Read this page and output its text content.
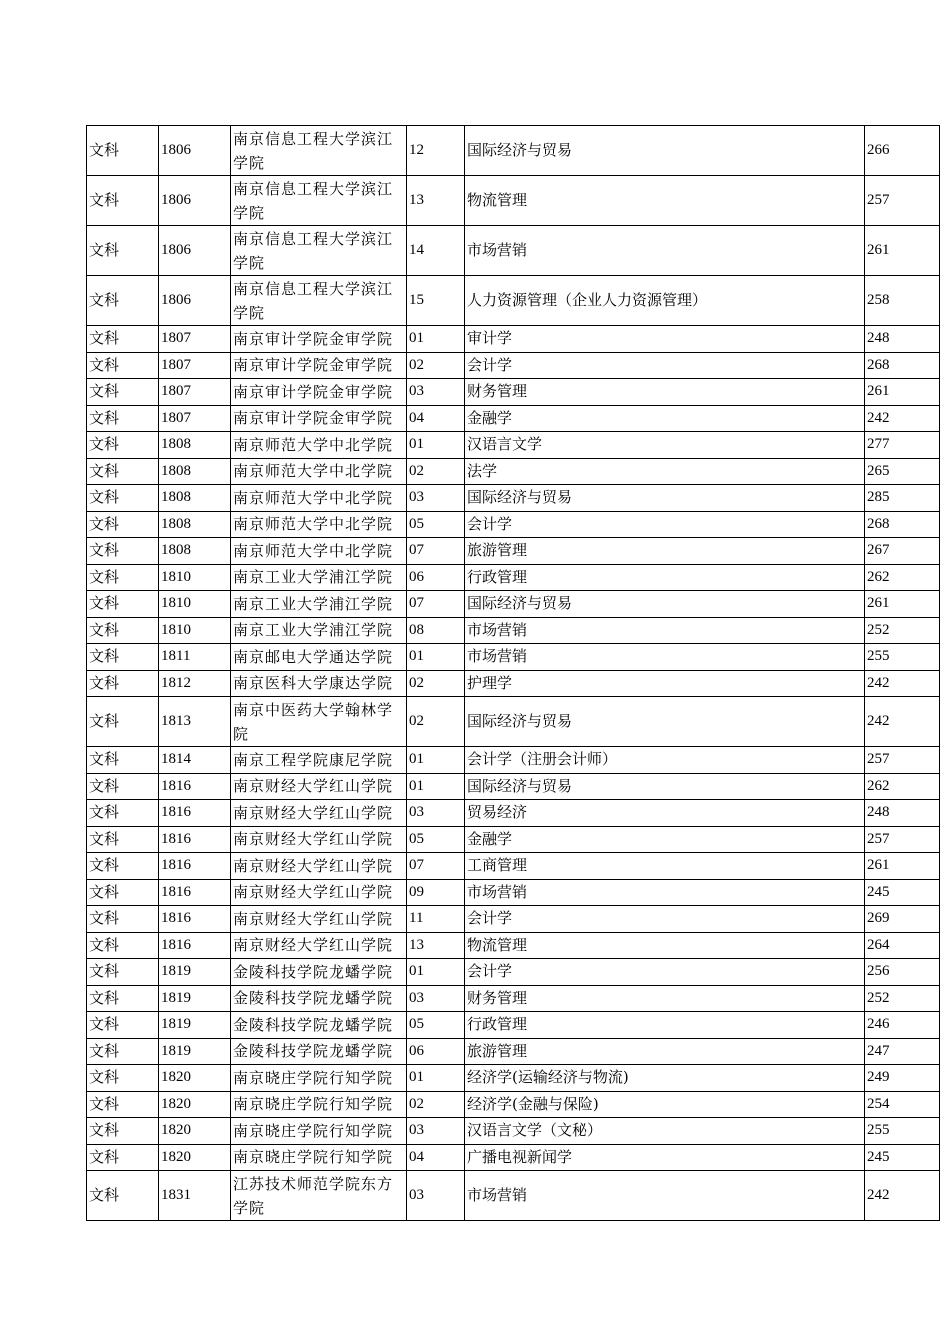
文科	1806	南京信息工程大学滨江学院	12	国际经济与贸易	266
文科	1806	南京信息工程大学滨江学院	13	物流管理	257
文科	1806	南京信息工程大学滨江学院	14	市场营销	261
文科	1806	南京信息工程大学滨江学院	15	人力资源管理（企业人力资源管理）	258
文科	1807	南京审计学院金审学院	01	审计学	248
文科	1807	南京审计学院金审学院	02	会计学	268
文科	1807	南京审计学院金审学院	03	财务管理	261
文科	1807	南京审计学院金审学院	04	金融学	242
文科	1808	南京师范大学中北学院	01	汉语言文学	277
文科	1808	南京师范大学中北学院	02	法学	265
文科	1808	南京师范大学中北学院	03	国际经济与贸易	285
文科	1808	南京师范大学中北学院	05	会计学	268
文科	1808	南京师范大学中北学院	07	旅游管理	267
文科	1810	南京工业大学浦江学院	06	行政管理	262
文科	1810	南京工业大学浦江学院	07	国际经济与贸易	261
文科	1810	南京工业大学浦江学院	08	市场营销	252
文科	1811	南京邮电大学通达学院	01	市场营销	255
文科	1812	南京医科大学康达学院	02	护理学	242
文科	1813	南京中医药大学翰林学院	02	国际经济与贸易	242
文科	1814	南京工程学院康尼学院	01	会计学（注册会计师）	257
文科	1816	南京财经大学红山学院	01	国际经济与贸易	262
文科	1816	南京财经大学红山学院	03	贸易经济	248
文科	1816	南京财经大学红山学院	05	金融学	257
文科	1816	南京财经大学红山学院	07	工商管理	261
文科	1816	南京财经大学红山学院	09	市场营销	245
文科	1816	南京财经大学红山学院	11	会计学	269
文科	1816	南京财经大学红山学院	13	物流管理	264
文科	1819	金陵科技学院龙蟠学院	01	会计学	256
文科	1819	金陵科技学院龙蟠学院	03	财务管理	252
文科	1819	金陵科技学院龙蟠学院	05	行政管理	246
文科	1819	金陵科技学院龙蟠学院	06	旅游管理	247
文科	1820	南京晓庄学院行知学院	01	经济学(运输经济与物流)	249
文科	1820	南京晓庄学院行知学院	02	经济学(金融与保险)	254
文科	1820	南京晓庄学院行知学院	03	汉语言文学（文秘）	255
文科	1820	南京晓庄学院行知学院	04	广播电视新闻学	245
文科	1831	江苏技术师范学院东方学院	03	市场营销	242
